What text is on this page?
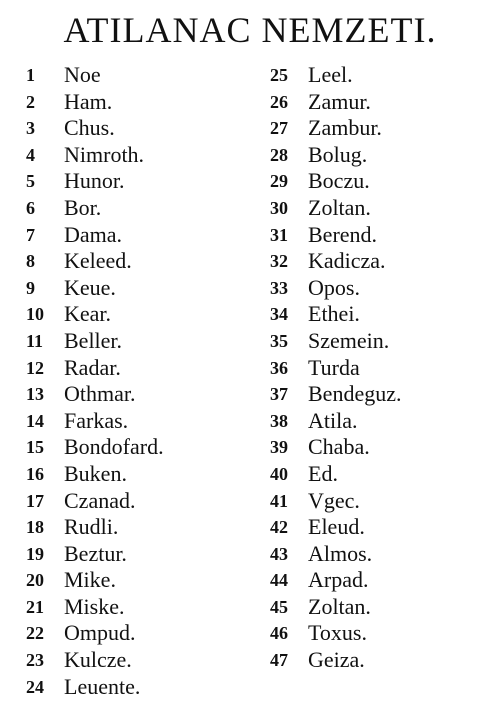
ATILANAC NEMZETI.
1	Noe
2	Ham.
3	Chus.
4	Nimroth.
5	Hunor.
6	Bor.
7	Dama.
8	Keleed.
9	Keue.
10 Kear.
11 Beller.
12 Radar.
13 Othmar.
14 Farkas.
15 Bondofard.
16 Buken.
17 Czanad.
18 Rudli.
19 Beztur.
20 Mike.
21 Miske.
22 Ompud.
23 Kulcze.
24 Leuente.
25 Leel.
26 Zamur.
27 Zambur.
28 Bolug.
29 Boczu.
30 Zoltan.
31 Berend.
32 Kadicza.
33 Opos.
34 Ethei.
35 Szemein.
36 Turda
37 Bendeguz.
38 Atila.
39 Chaba.
40 Ed.
41 Vgec.
42 Eleud.
43 Almos.
44 Arpad.
45 Zoltan.
46 Toxus.
47 Geiza.
